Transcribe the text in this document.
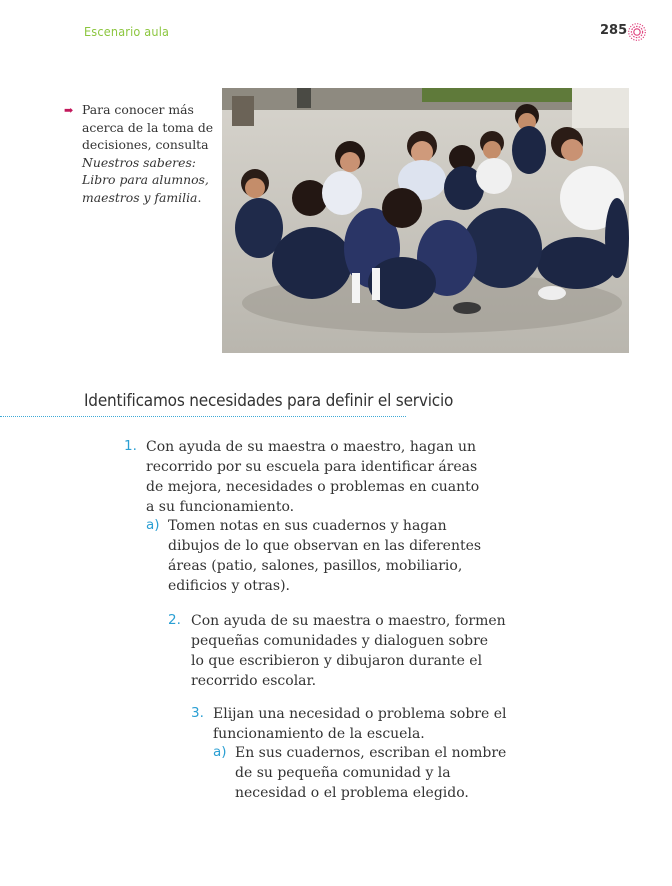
Escenario aula	285
➡ Para conocer más acerca de la toma de decisiones, consulta Nuestros saberes: Libro para alumnos, maestros y familia.
Identificamos necesidades para definir el servicio
1. Con ayuda de su maestra o maestro, hagan un
recorrido por su escuela para identificar áreas
de mejora, necesidades o problemas en cuanto
a su funcionamiento.
a) Tomen notas en sus cuadernos y hagan
dibujos de lo que observan en las diferentes
áreas (patio, salones, pasillos, mobiliario,
edificios y otras).
2. Con ayuda de su maestra o maestro, formen
pequeñas comunidades y dialoguen sobre
lo que escribieron y dibujaron durante el
recorrido escolar.
3. Elijan una necesidad o problema sobre el
funcionamiento de la escuela.
a) En sus cuadernos, escriban el nombre
de su pequeña comunidad y la
necesidad o el problema elegido.
